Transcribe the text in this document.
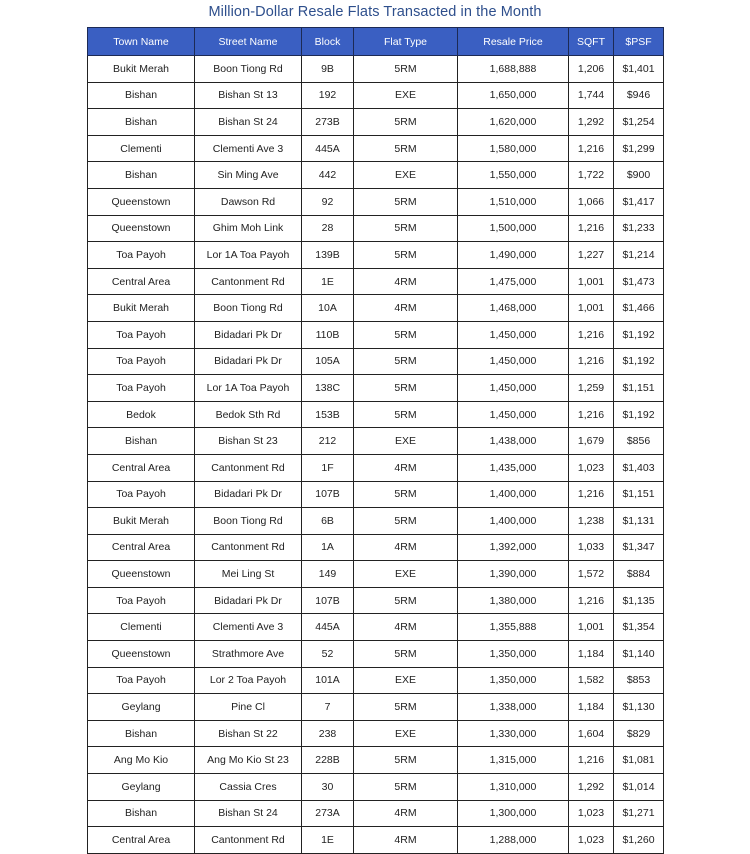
Million-Dollar Resale Flats Transacted in the Month
Town Name	Street Name	Block	Flat Type	Resale Price	SQFT	$PSF
Bukit Merah	Boon Tiong Rd	9B	5RM	1,688,888	1,206	$1,401
Bishan	Bishan St 13	192	EXE	1,650,000	1,744	$946
Bishan	Bishan St 24	273B	5RM	1,620,000	1,292	$1,254
Clementi	Clementi Ave 3	445A	5RM	1,580,000	1,216	$1,299
Bishan	Sin Ming Ave	442	EXE	1,550,000	1,722	$900
Queenstown	Dawson Rd	92	5RM	1,510,000	1,066	$1,417
Queenstown	Ghim Moh Link	28	5RM	1,500,000	1,216	$1,233
Toa Payoh	Lor 1A Toa Payoh	139B	5RM	1,490,000	1,227	$1,214
Central Area	Cantonment Rd	1E	4RM	1,475,000	1,001	$1,473
Bukit Merah	Boon Tiong Rd	10A	4RM	1,468,000	1,001	$1,466
Toa Payoh	Bidadari Pk Dr	110B	5RM	1,450,000	1,216	$1,192
Toa Payoh	Bidadari Pk Dr	105A	5RM	1,450,000	1,216	$1,192
Toa Payoh	Lor 1A Toa Payoh	138C	5RM	1,450,000	1,259	$1,151
Bedok	Bedok Sth Rd	153B	5RM	1,450,000	1,216	$1,192
Bishan	Bishan St 23	212	EXE	1,438,000	1,679	$856
Central Area	Cantonment Rd	1F	4RM	1,435,000	1,023	$1,403
Toa Payoh	Bidadari Pk Dr	107B	5RM	1,400,000	1,216	$1,151
Bukit Merah	Boon Tiong Rd	6B	5RM	1,400,000	1,238	$1,131
Central Area	Cantonment Rd	1A	4RM	1,392,000	1,033	$1,347
Queenstown	Mei Ling St	149	EXE	1,390,000	1,572	$884
Toa Payoh	Bidadari Pk Dr	107B	5RM	1,380,000	1,216	$1,135
Clementi	Clementi Ave 3	445A	4RM	1,355,888	1,001	$1,354
Queenstown	Strathmore Ave	52	5RM	1,350,000	1,184	$1,140
Toa Payoh	Lor 2 Toa Payoh	101A	EXE	1,350,000	1,582	$853
Geylang	Pine Cl	7	5RM	1,338,000	1,184	$1,130
Bishan	Bishan St 22	238	EXE	1,330,000	1,604	$829
Ang Mo Kio	Ang Mo Kio St 23	228B	5RM	1,315,000	1,216	$1,081
Geylang	Cassia Cres	30	5RM	1,310,000	1,292	$1,014
Bishan	Bishan St 24	273A	4RM	1,300,000	1,023	$1,271
Central Area	Cantonment Rd	1E	4RM	1,288,000	1,023	$1,260
